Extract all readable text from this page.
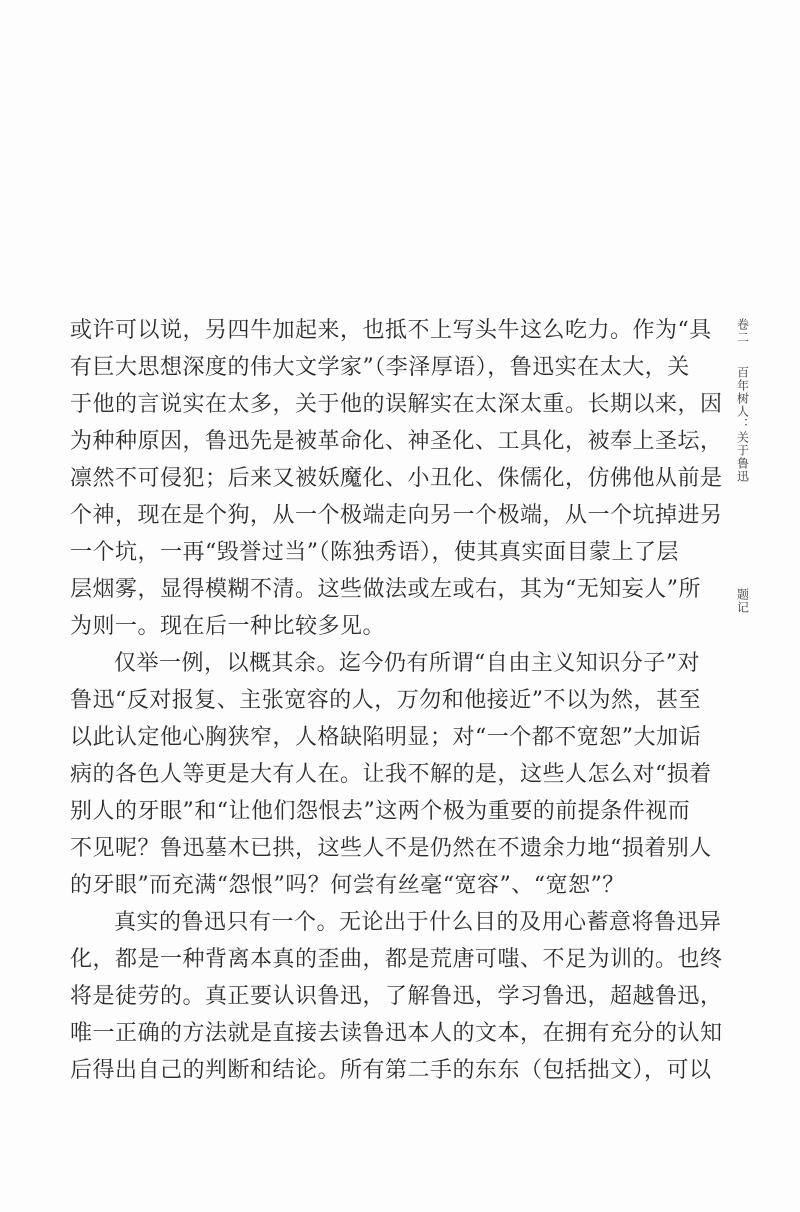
或许可以说，另四牛加起来，也抵不上写头牛这么吃力。作为“具
有巨大思想深度的伟大文学家”（李泽厚语），鲁迅实在太大，关
于他的言说实在太多，关于他的误解实在太深太重。长期以来，因
为种种原因，鲁迅先是被革命化、神圣化、工具化，被奉上圣坛，
凛然不可侵犯；后来又被妖魔化、小丑化、侏儒化，仿佛他从前是
个神，现在是个狗，从一个极端走向另一个极端，从一个坑掉进另
一个坑，一再“毁誉过当”（陈独秀语），使其真实面目蒙上了层
层烟雾，显得模糊不清。这些做法或左或右，其为“无知妄人”所
为则一。现在后一种比较多见。
仅举一例，以概其余。迄今仍有所谓“自由主义知识分子”对
鲁迅“反对报复、主张宽容的人，万勿和他接近”不以为然，甚至
以此认定他心胸狭窄，人格缺陷明显；对“一个都不宽恕”大加诟
病的各色人等更是大有人在。让我不解的是，这些人怎么对“损着
别人的牙眼”和“让他们怨恨去”这两个极为重要的前提条件视而
不见呢？鲁迅墓木已拱，这些人不是仍然在不遗余力地“损着别人
的牙眼”而充满“怨恨”吗？何尝有丝毫“宽容”、“宽恕”？
真实的鲁迅只有一个。无论出于什么目的及用心蓄意将鲁迅异
化，都是一种背离本真的歪曲，都是荒唐可嗤、不足为训的。也终
将是徒劳的。真正要认识鲁迅，了解鲁迅，学习鲁迅，超越鲁迅，
唯一正确的方法就是直接去读鲁迅本人的文本，在拥有充分的认知
后得出自己的判断和结论。所有第二手的东东（包括拙文），可以
卷二
百年树人：关于鲁迅
题记
